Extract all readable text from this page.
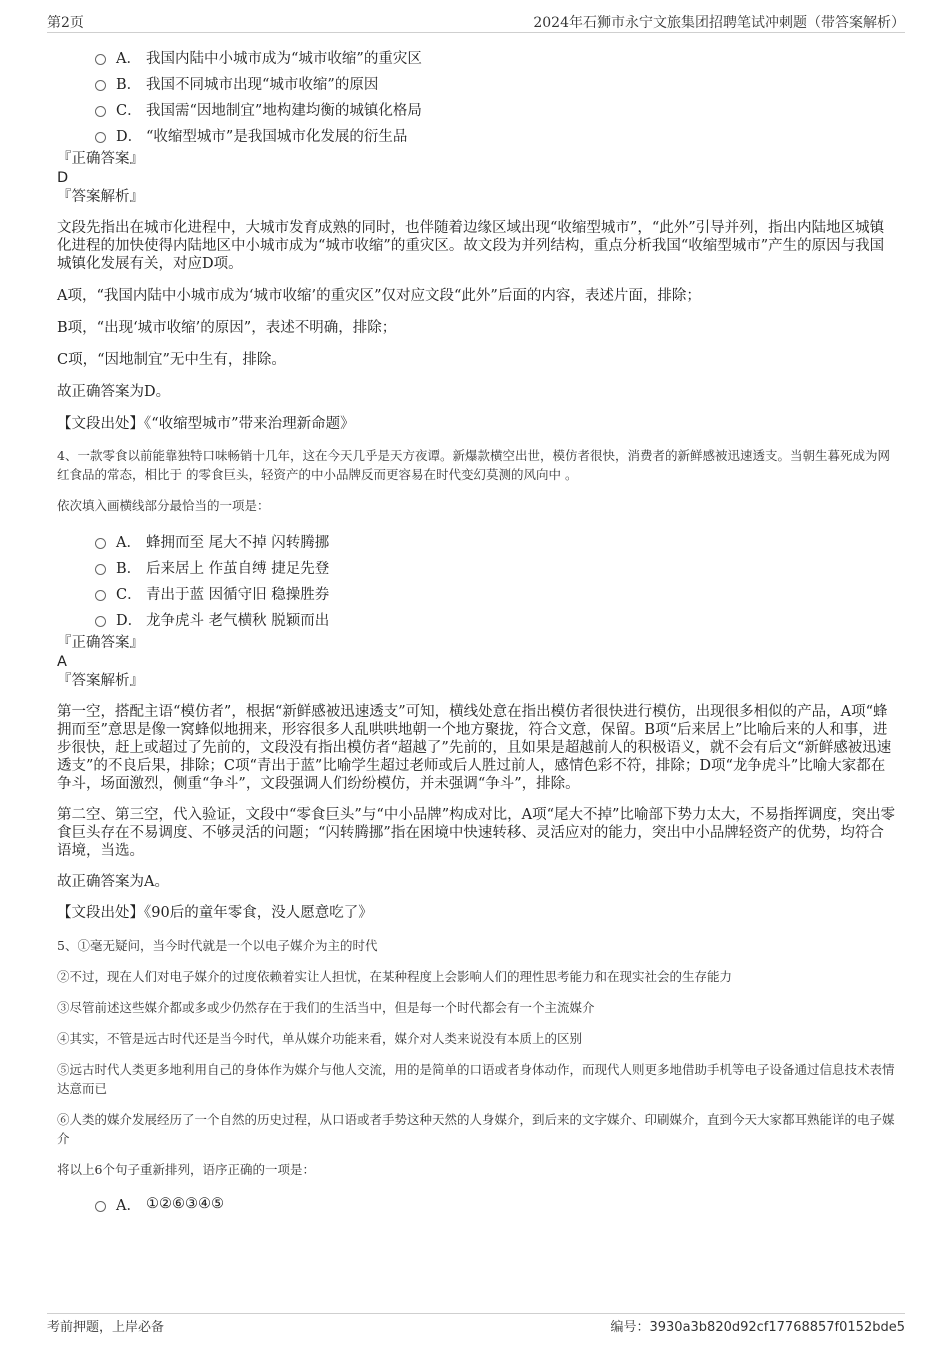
第2页	2024年石狮市永宁文旅集团招聘笔试冲刺题（带答案解析）
A． 我国内陆中小城市成为“城市收缩”的重灾区
B． 我国不同城市出现“城市收缩”的原因
C． 我国需“因地制宜”地构建均衡的城镇化格局
D． “收缩型城市”是我国城市化发展的衍生品
『正确答案』
D
『答案解析』

文段先指出在城市化进程中，大城市发育成熟的同时，也伴随着边缘区域出现“收缩型城市”，“此外”引导并列，指出内陆地区城镇化进程的加快使得内陆地区中小城市成为“城市收缩”的重灾区。故文段为并列结构，重点分析我国“收缩型城市”产生的原因与我国城镇化发展有关，对应D项。

A项，“我国内陆中小城市成为‘城市收缩’的重灾区”仅对应文段“此外”后面的内容，表述片面，排除；

B项，“出现‘城市收缩’的原因”，表述不明确，排除；

C项，“因地制宜”无中生有，排除。

故正确答案为D。

【文段出处】《“收缩型城市”带来治理新命题》

4、一款零食以前能靠独特口味畅销十几年，这在今天几乎是天方夜谭。新爆款横空出世，模仿者很快，消费者的新鲜感被迅速透支。当朝生暮死成为网红食品的常态，相比于 的零食巨头，轻资产的中小品牌反而更容易在时代变幻莫测的风向中 。

依次填入画横线部分最恰当的一项是：

A． 蜂拥而至 尾大不掉 闪转腾挪
B． 后来居上 作茧自缚 捷足先登
C． 青出于蓝 因循守旧 稳操胜券
D． 龙争虎斗 老气横秋 脱颖而出
『正确答案』
A
『答案解析』

第一空，搭配主语“模仿者”，根据“新鲜感被迅速透支”可知，横线处意在指出模仿者很快进行模仿，出现很多相似的产品，A项“蜂拥而至”意思是像一窝蜂似地拥来，形容很多人乱哄哄地朝一个地方聚拢，符合文意，保留。B项“后来居上”比喻后来的人和事，进步很快，赶上或超过了先前的，文段没有指出模仿者“超越了”先前的，且如果是超越前人的积极语义，就不会有后文“新鲜感被迅速透支”的不良后果，排除；C项“青出于蓝”比喻学生超过老师或后人胜过前人，感情色彩不符，排除；D项“龙争虎斗”比喻大家都在争斗，场面激烈，侧重“争斗”，文段强调人们纷纷模仿，并未强调“争斗”，排除。

第二空、第三空，代入验证，文段中“零食巨头”与“中小品牌”构成对比，A项“尾大不掉”比喻部下势力太大，不易指挥调度，突出零食巨头存在不易调度、不够灵活的问题；“闪转腾挪”指在困境中快速转移、灵活应对的能力，突出中小品牌轻资产的优势，均符合语境，当选。

故正确答案为A。

【文段出处】《90后的童年零食，没人愿意吃了》

5、①毫无疑问，当今时代就是一个以电子媒介为主的时代

②不过，现在人们对电子媒介的过度依赖着实让人担忧，在某种程度上会影响人们的理性思考能力和在现实社会的生存能力

③尽管前述这些媒介都或多或少仍然存在于我们的生活当中，但是每一个时代都会有一个主流媒介

④其实，不管是远古时代还是当今时代，单从媒介功能来看，媒介对人类来说没有本质上的区别

⑤远古时代人类更多地利用自己的身体作为媒介与他人交流，用的是简单的口语或者身体动作，而现代人则更多地借助手机等电子设备通过信息技术表情达意而已

⑥人类的媒介发展经历了一个自然的历史过程，从口语或者手势这种天然的人身媒介，到后来的文字媒介、印刷媒介，直到今天大家都耳熟能详的电子媒介

将以上6个句子重新排列，语序正确的一项是：

A． ①②⑥③④⑤
考前押题，上岸必备	编号：3930a3b820d92cf17768857f0152bde5
